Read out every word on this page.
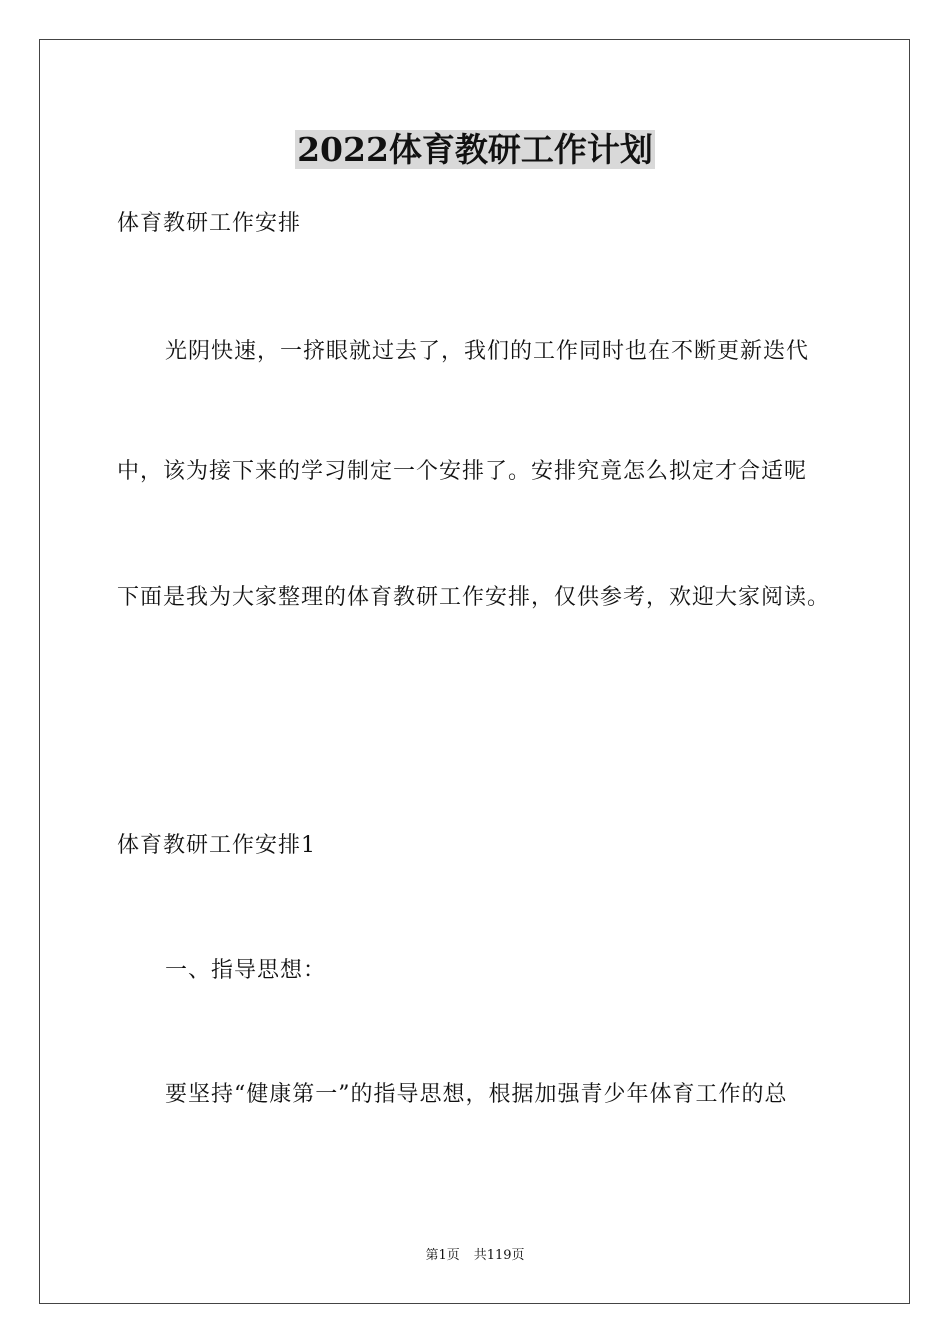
2022体育教研工作计划
体育教研工作安排
光阴快速，一挤眼就过去了，我们的工作同时也在不断更新迭代
中，该为接下来的学习制定一个安排了。安排究竟怎么拟定才合适呢
下面是我为大家整理的体育教研工作安排，仅供参考，欢迎大家阅读。
体育教研工作安排1
一、指导思想：
要坚持“健康第一”的指导思想，根据加强青少年体育工作的总
第1页 共119页
